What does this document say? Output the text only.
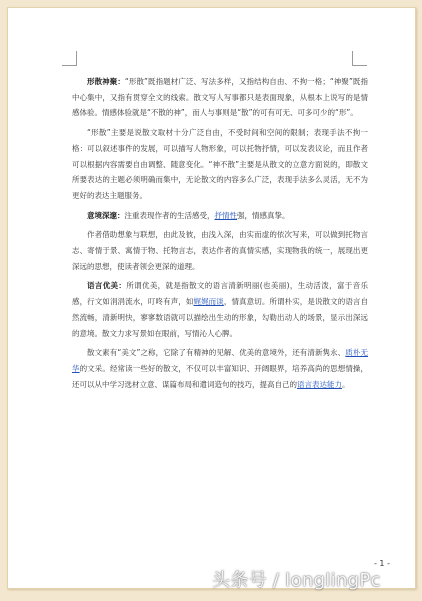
形散神聚：“形散”既指题材广泛、写法多样，又指结构自由、不拘一格；“神聚”既指中心集中，又指有贯穿全文的线索。散文写人写事都只是表面现象，从根本上说写的是情感体验。情感体验就是“不散的神”，而人与事则是“散”的可有可无、可多可少的“形”。

“形散”主要是说散文取材十分广泛自由，不受时间和空间的限制；表现手法不拘一格：可以叙述事件的发展，可以描写人物形象，可以托物抒情，可以发表议论，而且作者可以根据内容需要自由调整、随意变化。“神不散”主要是从散文的立意方面说的，即散文所要表达的主题必须明确而集中，无论散文的内容多么广泛，表现手法多么灵活，无不为更好的表达主题服务。

意境深邃：注重表现作者的生活感受，抒情性强，情感真挚。

作者借助想象与联想，由此及彼，由浅入深，由实而虚的依次写来，可以做到托物言志、寄情于景、寓情于物、托物言志，表达作者的真情实感，实现物我的统一，展现出更深远的思想，使读者领会更深的道理。

语言优美：所谓优美，就是指散文的语言清新明丽(也美丽)，生动活泼，富于音乐感，行文如涓涓流水，叮咚有声，如娓娓而谈，情真意切。所谓朴实，是说散文的语言自然流畅，清新明快，寥寥数语就可以描绘出生动的形象，勾勒出动人的场景，显示出深远的意境。散文力求写景如在眼前，写情沁人心脾。

散文素有“美文”之称，它除了有精神的见解、优美的意境外，还有清新隽永、质朴无华的文采。经常读一些好的散文，不仅可以丰富知识、开阔眼界，培养高尚的思想情操，还可以从中学习选材立意、谋篇布局和遣词造句的技巧，提高自己的语言表达能力。

- 1 -
头条号 / longlingPc
